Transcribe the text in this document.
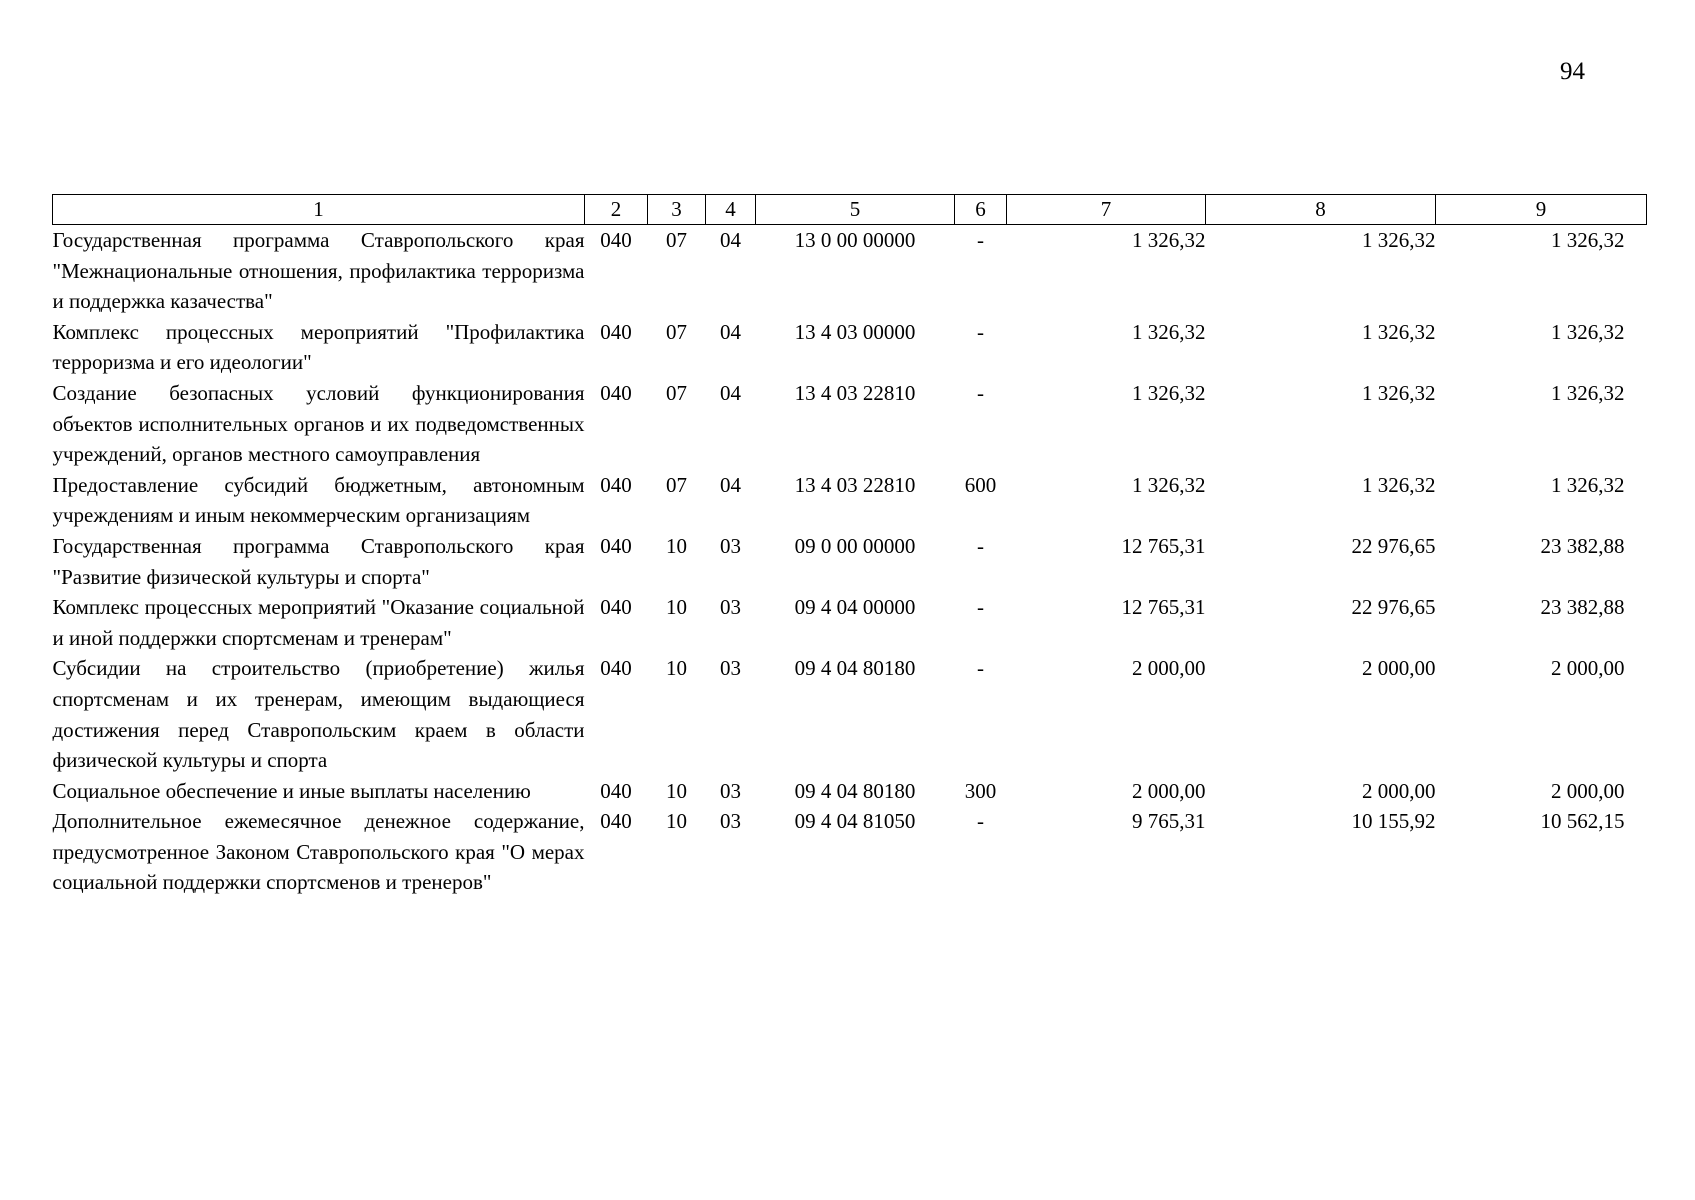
94
1	2	3	4	5	6	7	8	9
Государственная программа Ставропольского края "Межнациональные отношения, профилактика терроризма и поддержка казачества"	040	07	04	13 0 00 00000	-	1 326,32	1 326,32	1 326,32
Комплекс процессных мероприятий "Профилактика терроризма и его идеологии"	040	07	04	13 4 03 00000	-	1 326,32	1 326,32	1 326,32
Создание безопасных условий функционирования объектов исполнительных органов и их подведомственных учреждений, органов местного самоуправления	040	07	04	13 4 03 22810	-	1 326,32	1 326,32	1 326,32
Предоставление субсидий бюджетным, автономным учреждениям и иным некоммерческим организациям	040	07	04	13 4 03 22810	600	1 326,32	1 326,32	1 326,32
Государственная программа Ставропольского края "Развитие физической культуры и спорта"	040	10	03	09 0 00 00000	-	12 765,31	22 976,65	23 382,88
Комплекс процессных мероприятий "Оказание социальной и иной поддержки спортсменам и тренерам"	040	10	03	09 4 04 00000	-	12 765,31	22 976,65	23 382,88
Субсидии на строительство (приобретение) жилья спортсменам и их тренерам, имеющим выдающиеся достижения перед Ставропольским краем в области физической культуры и спорта	040	10	03	09 4 04 80180	-	2 000,00	2 000,00	2 000,00
Социальное обеспечение и иные выплаты населению	040	10	03	09 4 04 80180	300	2 000,00	2 000,00	2 000,00
Дополнительное ежемесячное денежное содержание, предусмотренное Законом Ставропольского края "О мерах социальной поддержки спортсменов и тренеров"	040	10	03	09 4 04 81050	-	9 765,31	10 155,92	10 562,15
